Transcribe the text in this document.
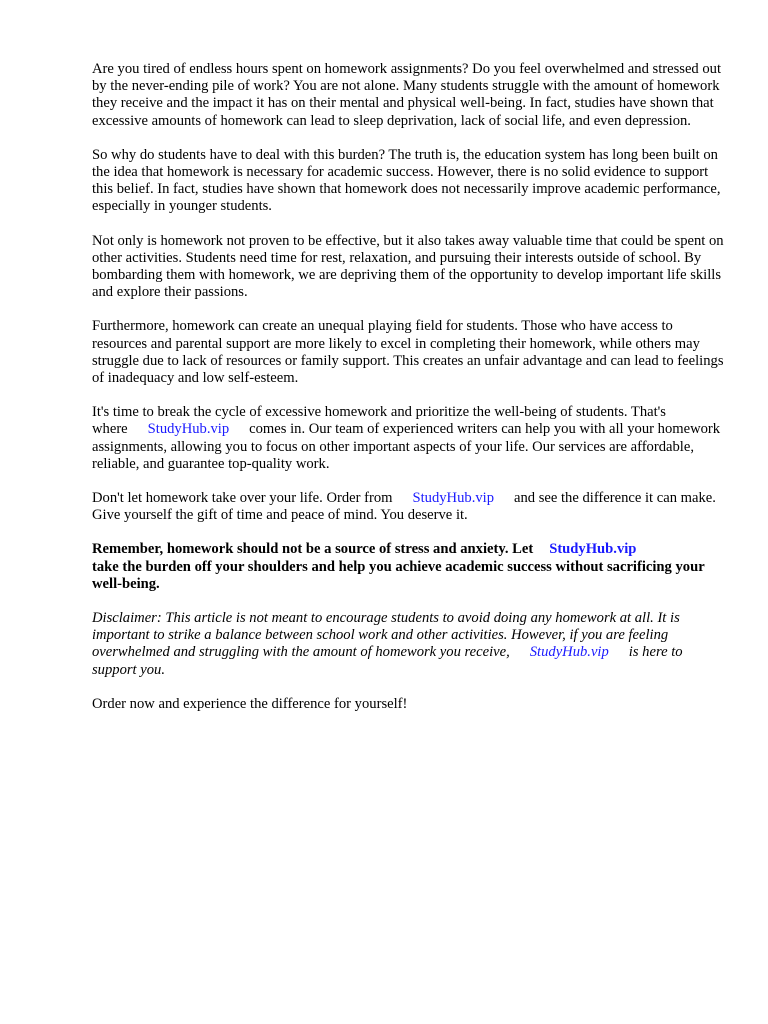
Are you tired of endless hours spent on homework assignments? Do you feel overwhelmed and stressed out by the never-ending pile of work? You are not alone. Many students struggle with the amount of homework they receive and the impact it has on their mental and physical well-being. In fact, studies have shown that excessive amounts of homework can lead to sleep deprivation, lack of social life, and even depression.

So why do students have to deal with this burden? The truth is, the education system has long been built on the idea that homework is necessary for academic success. However, there is no solid evidence to support this belief. In fact, studies have shown that homework does not necessarily improve academic performance, especially in younger students.

Not only is homework not proven to be effective, but it also takes away valuable time that could be spent on other activities. Students need time for rest, relaxation, and pursuing their interests outside of school. By bombarding them with homework, we are depriving them of the opportunity to develop important life skills and explore their passions.

Furthermore, homework can create an unequal playing field for students. Those who have access to resources and parental support are more likely to excel in completing their homework, while others may struggle due to lack of resources or family support. This creates an unfair advantage and can lead to feelings of inadequacy and low self-esteem.

It's time to break the cycle of excessive homework and prioritize the well-being of students. That's where StudyHub.vip comes in. Our team of experienced writers can help you with all your homework assignments, allowing you to focus on other important aspects of your life. Our services are affordable, reliable, and guarantee top-quality work.

Don't let homework take over your life. Order from StudyHub.vip and see the difference it can make. Give yourself the gift of time and peace of mind. You deserve it.

Remember, homework should not be a source of stress and anxiety. Let StudyHub.vip
take the burden off your shoulders and help you achieve academic success without sacrificing your well-being.

Disclaimer: This article is not meant to encourage students to avoid doing any homework at all. It is important to strike a balance between school work and other activities. However, if you are feeling overwhelmed and struggling with the amount of homework you receive, StudyHub.vip is here to support you.

Order now and experience the difference for yourself!
